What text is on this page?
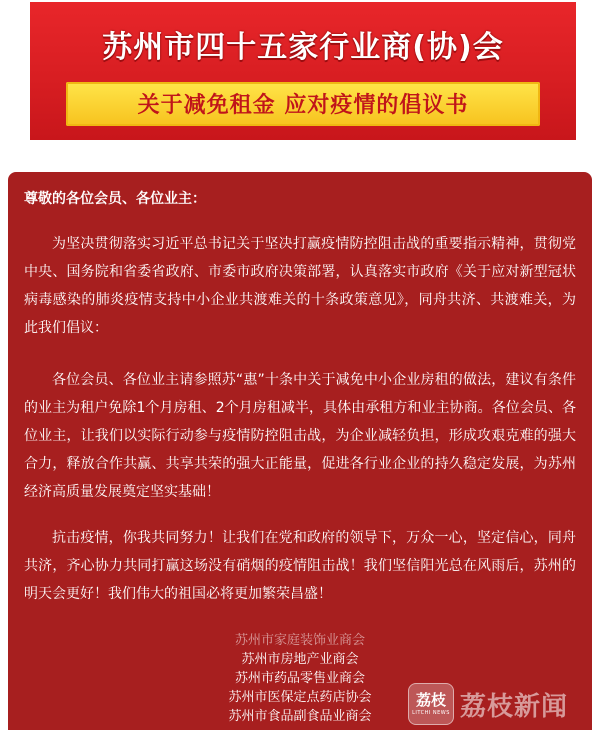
苏州市四十五家行业商(协)会
关于减免租金 应对疫情的倡议书
尊敬的各位会员、各位业主：
为坚决贯彻落实习近平总书记关于坚决打赢疫情防控阻击战的重要指示精神，贯彻党中央、国务院和省委省政府、市委市政府决策部署，认真落实市政府《关于应对新型冠状病毒感染的肺炎疫情支持中小企业共渡难关的十条政策意见》，同舟共济、共渡难关，为此我们倡议：
各位会员、各位业主请参照苏“惠”十条中关于减免中小企业房租的做法，建议有条件的业主为租户免除1个月房租、2个月房租减半，具体由承租方和业主协商。各位会员、各位业主，让我们以实际行动参与疫情防控阻击战，为企业减轻负担，形成攻艰克难的强大合力，释放合作共赢、共享共荣的强大正能量，促进各行业企业的持久稳定发展，为苏州经济高质量发展奠定坚实基础！
抗击疫情，你我共同努力！让我们在党和政府的领导下，万众一心，坚定信心，同舟共济，齐心协力共同打赢这场没有硝烟的疫情阻击战！我们坚信阳光总在风雨后，苏州的明天会更好！我们伟大的祖国必将更加繁荣昌盛！
苏州市家庭装饰业商会
苏州市房地产业商会
苏州市药品零售业商会
苏州市医保定点药店协会
苏州市食品副食品业商会
荔枝
LITCHI NEWS 荔枝新闻
